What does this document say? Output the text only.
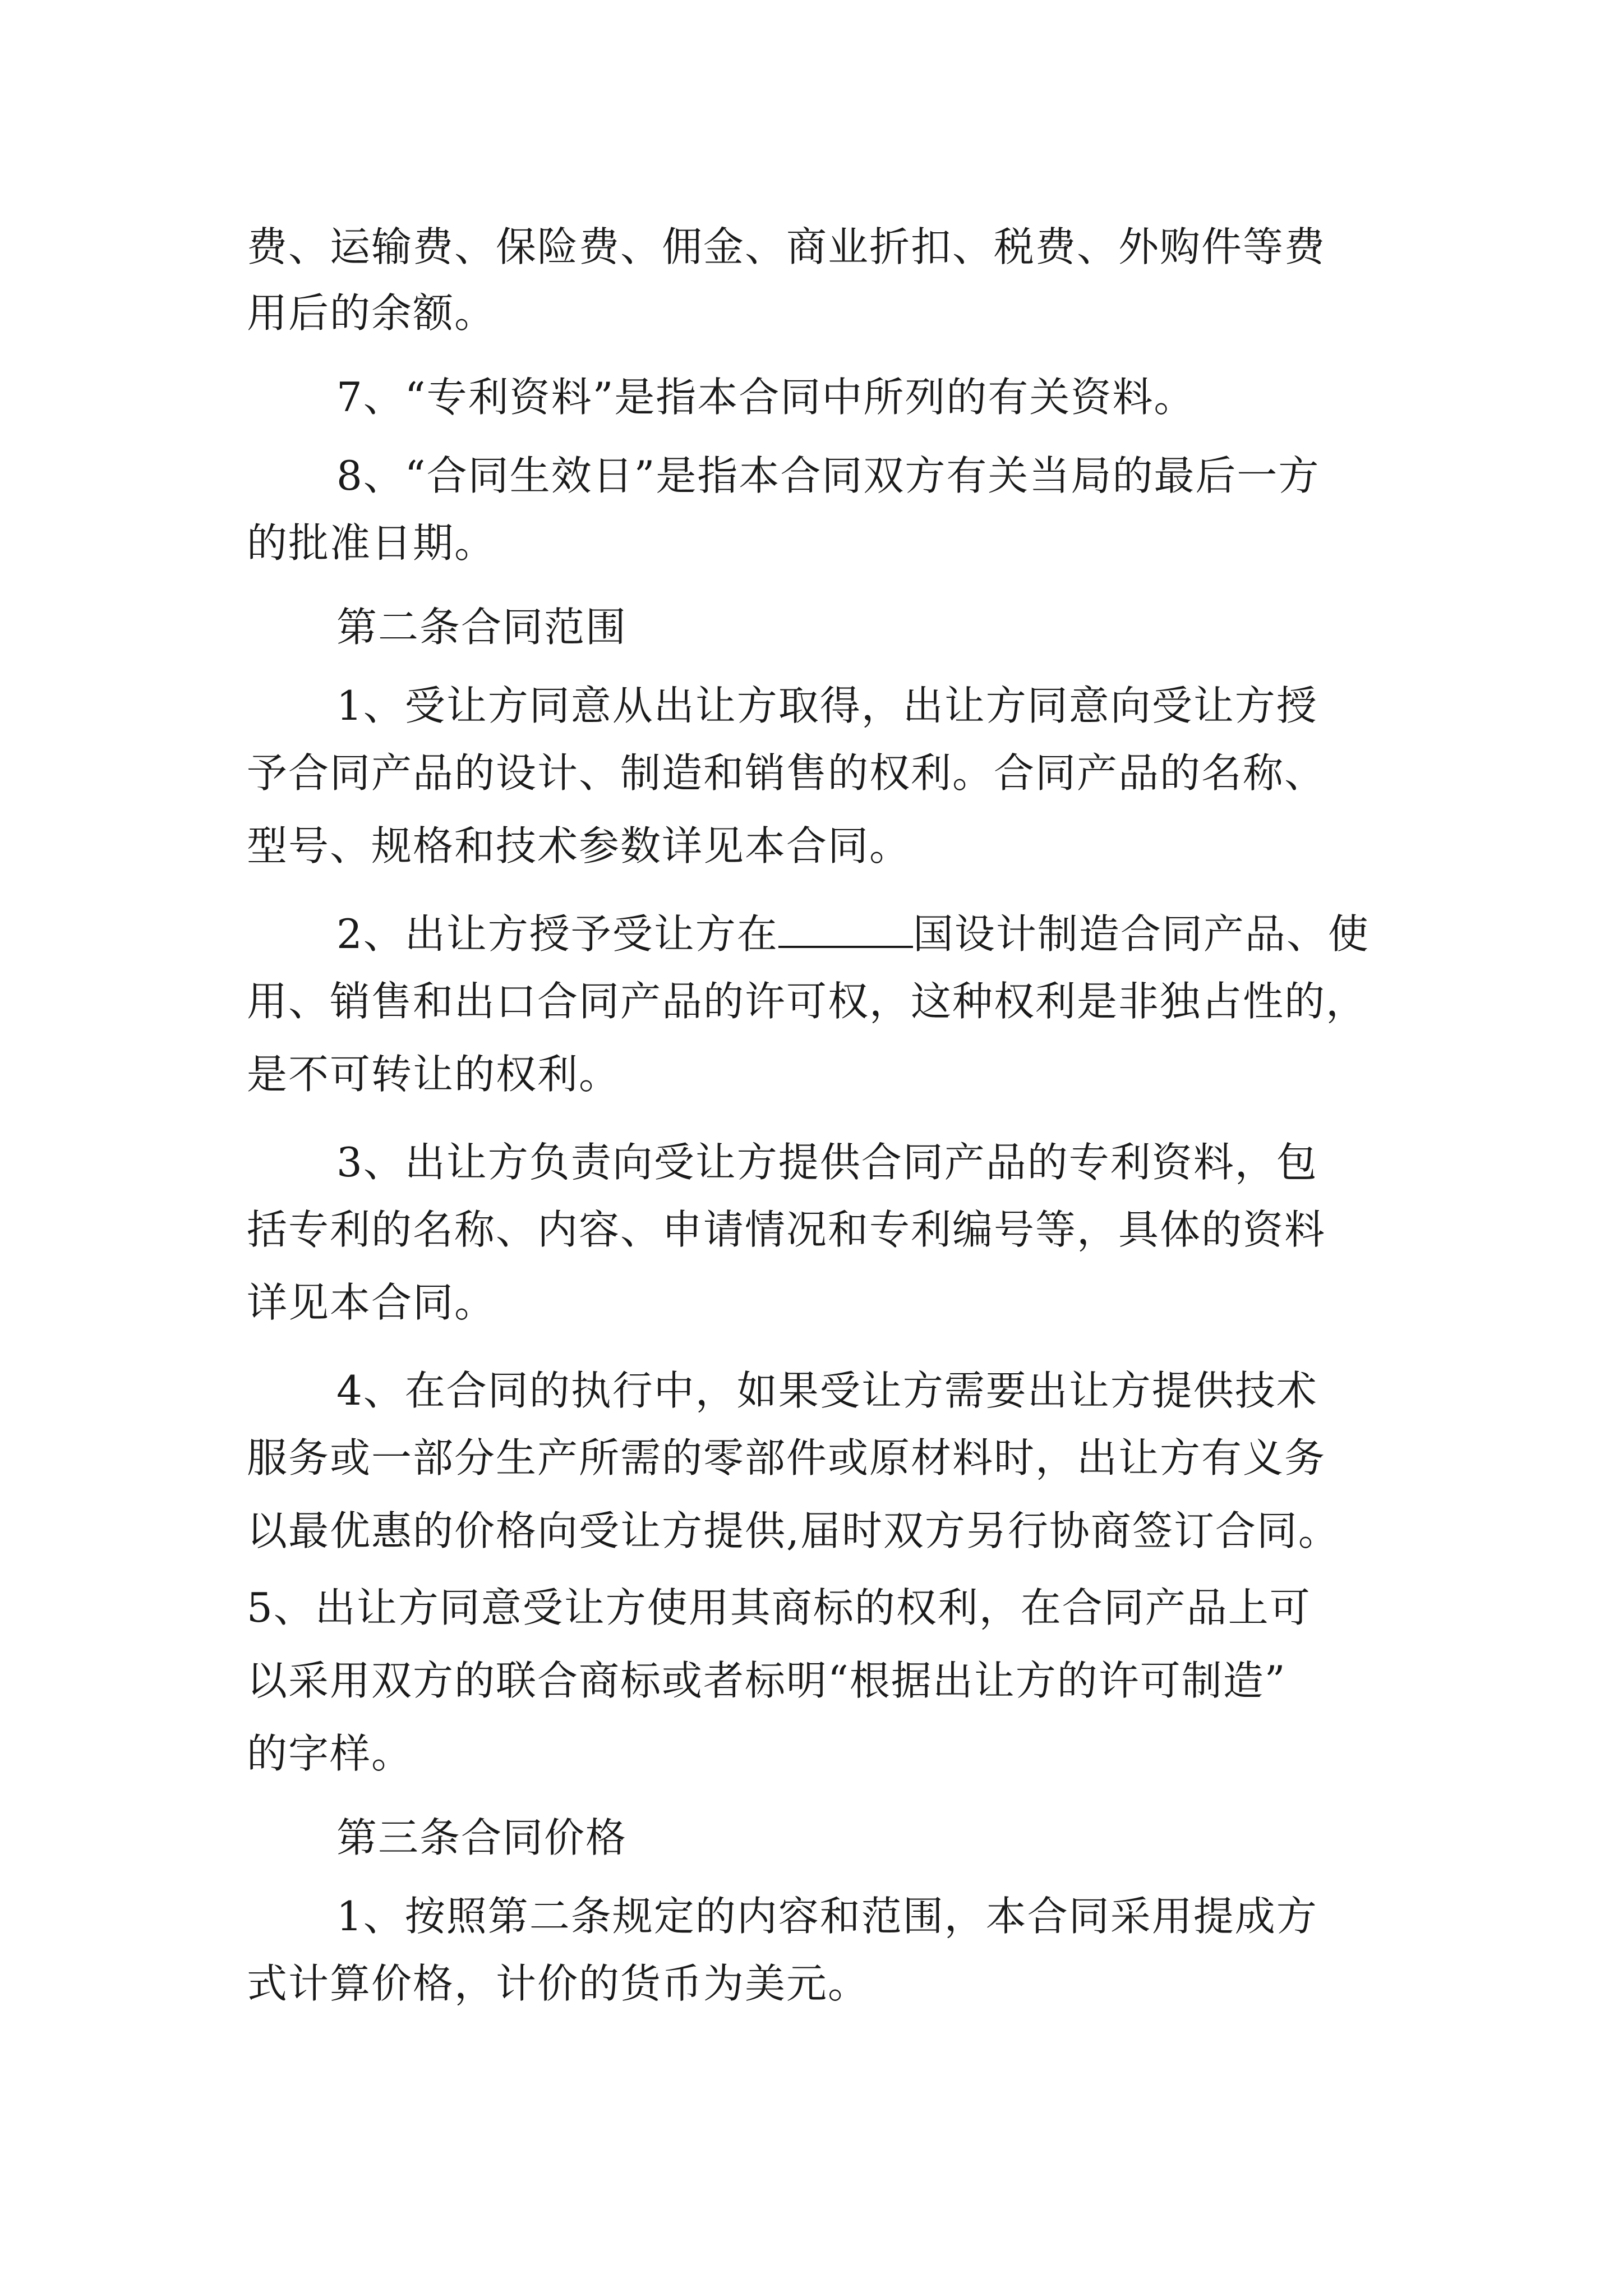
费、运输费、保险费、佣金、商业折扣、税费、外购件等费
用后的余额。
7、“专利资料”是指本合同中所列的有关资料。
8、“合同生效日”是指本合同双方有关当局的最后一方
的批准日期。
第二条合同范围
1、受让方同意从出让方取得，出让方同意向受让方授
予合同产品的设计、制造和销售的权利。合同产品的名称、
型号、规格和技术参数详见本合同。
2、出让方授予受让方在	国设计制造合同产品、使
用、销售和出口合同产品的许可权，这种权利是非独占性的，
是不可转让的权利。
3、出让方负责向受让方提供合同产品的专利资料，包
括专利的名称、内容、申请情况和专利编号等，具体的资料
详见本合同。
4、在合同的执行中，如果受让方需要出让方提供技术
服务或一部分生产所需的零部件或原材料时，出让方有义务
以最优惠的价格向受让方提供,届时双方另行协商签订合同。
5、出让方同意受让方使用其商标的权利，在合同产品上可
以采用双方的联合商标或者标明“根据出让方的许可制造”
的字样。
第三条合同价格
1、按照第二条规定的内容和范围，本合同采用提成方
式计算价格，计价的货币为美元。
